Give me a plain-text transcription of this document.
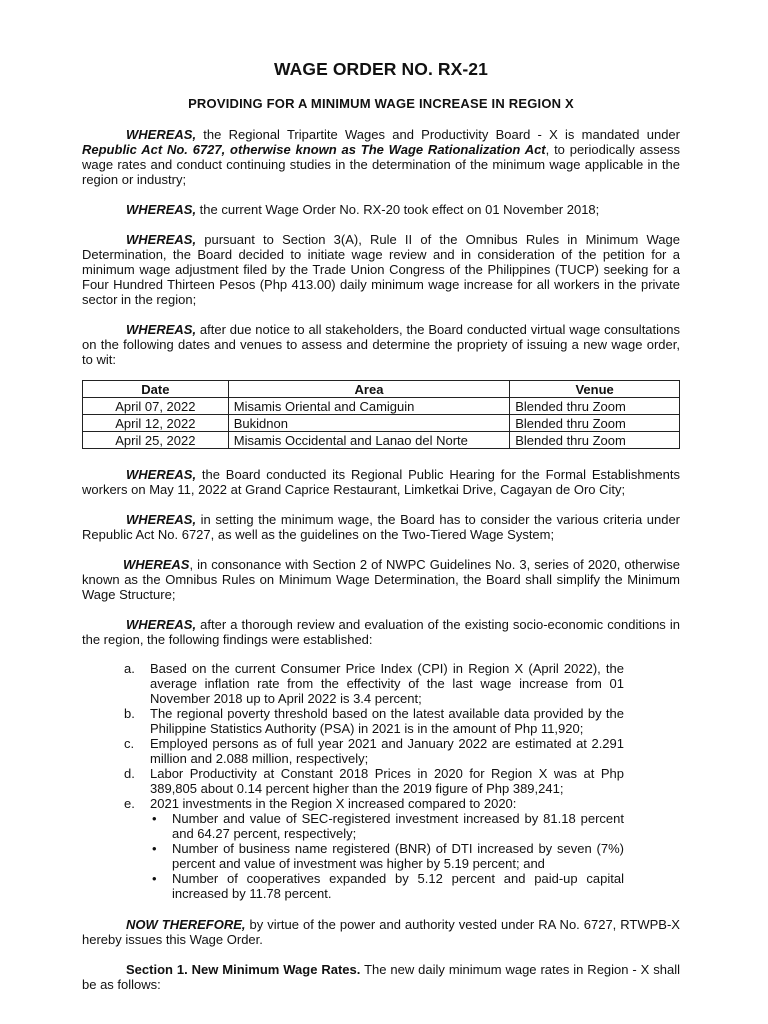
WAGE ORDER NO. RX-21
PROVIDING FOR A MINIMUM WAGE INCREASE IN REGION X

WHEREAS, the Regional Tripartite Wages and Productivity Board - X is mandated under Republic Act No. 6727, otherwise known as The Wage Rationalization Act, to periodically assess wage rates and conduct continuing studies in the determination of the minimum wage applicable in the region or industry;

WHEREAS, the current Wage Order No. RX-20 took effect on 01 November 2018;

WHEREAS, pursuant to Section 3(A), Rule II of the Omnibus Rules in Minimum Wage Determination, the Board decided to initiate wage review and in consideration of the petition for a minimum wage adjustment filed by the Trade Union Congress of the Philippines (TUCP) seeking for a Four Hundred Thirteen Pesos (Php 413.00) daily minimum wage increase for all workers in the private sector in the region;

WHEREAS, after due notice to all stakeholders, the Board conducted virtual wage consultations on the following dates and venues to assess and determine the propriety of issuing a new wage order, to wit:

Date	Area	Venue
April 07, 2022	Misamis Oriental and Camiguin	Blended thru Zoom
April 12, 2022	Bukidnon	Blended thru Zoom
April 25, 2022	Misamis Occidental and Lanao del Norte	Blended thru Zoom

WHEREAS, the Board conducted its Regional Public Hearing for the Formal Establishments workers on May 11, 2022 at Grand Caprice Restaurant, Limketkai Drive, Cagayan de Oro City;

WHEREAS, in setting the minimum wage, the Board has to consider the various criteria under Republic Act No. 6727, as well as the guidelines on the Two-Tiered Wage System;

WHEREAS, in consonance with Section 2 of NWPC Guidelines No. 3, series of 2020, otherwise known as the Omnibus Rules on Minimum Wage Determination, the Board shall simplify the Minimum Wage Structure;

WHEREAS, after a thorough review and evaluation of the existing socio-economic conditions in the region, the following findings were established:

a. Based on the current Consumer Price Index (CPI) in Region X (April 2022), the average inflation rate from the effectivity of the last wage increase from 01 November 2018 up to April 2022 is 3.4 percent;
b. The regional poverty threshold based on the latest available data provided by the Philippine Statistics Authority (PSA) in 2021 is in the amount of Php 11,920;
c. Employed persons as of full year 2021 and January 2022 are estimated at 2.291 million and 2.088 million, respectively;
d. Labor Productivity at Constant 2018 Prices in 2020 for Region X was at Php 389,805 about 0.14 percent higher than the 2019 figure of Php 389,241;
e. 2021 investments in the Region X increased compared to 2020:
• Number and value of SEC-registered investment increased by 81.18 percent and 64.27 percent, respectively;
• Number of business name registered (BNR) of DTI increased by seven (7%) percent and value of investment was higher by 5.19 percent; and
• Number of cooperatives expanded by 5.12 percent and paid-up capital increased by 11.78 percent.

NOW THEREFORE, by virtue of the power and authority vested under RA No. 6727, RTWPB-X hereby issues this Wage Order.

Section 1. New Minimum Wage Rates. The new daily minimum wage rates in Region - X shall be as follows:
